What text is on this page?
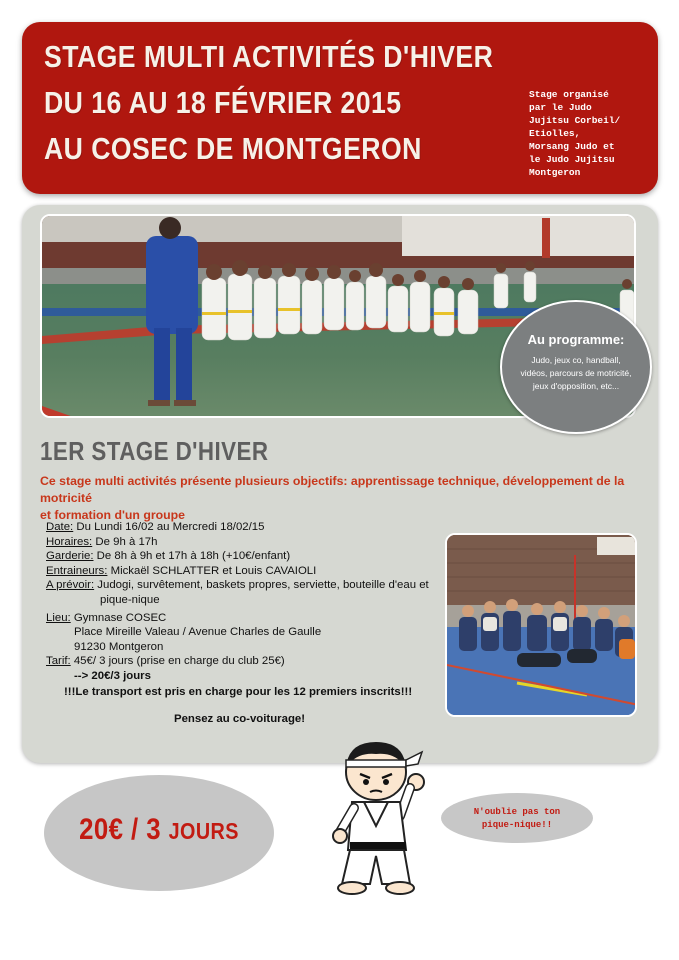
STAGE MULTI ACTIVITÉS D'HIVER
DU 16 AU 18 FÉVRIER 2015
AU COSEC DE MONTGERON
Stage organisé
par le Judo
Jujitsu Corbeil/
Etiolles,
Morsang Judo et
le Judo Jujitsu
Montgeron
Au programme:
Judo, jeux co, handball,
vidéos, parcours de motricité,
jeux d'opposition, etc...
1ER STAGE D'HIVER
Ce stage multi activités présente plusieurs objectifs: apprentissage technique, développement de la motricité
et formation d'un groupe
Date: Du Lundi 16/02 au Mercredi 18/02/15
Horaires: De 9h à 17h
Garderie: De 8h à 9h et 17h à 18h (+10€/enfant)
Entraineurs: Mickaël SCHLATTER et Louis CAVAIOLI
A prévoir: Judogi, survêtement, baskets propres, serviette, bouteille d'eau et
pique-nique
Lieu: Gymnase COSEC
Place Mireille Valeau / Avenue Charles de Gaulle
91230 Montgeron
Tarif: 45€/ 3 jours (prise en charge du club 25€)
--> 20€/3 jours
!!!Le transport est pris en charge pour les 12 premiers inscrits!!!
Pensez au co-voiturage!
20€ / 3 JOURS
N'oublie pas ton
pique-nique!!
